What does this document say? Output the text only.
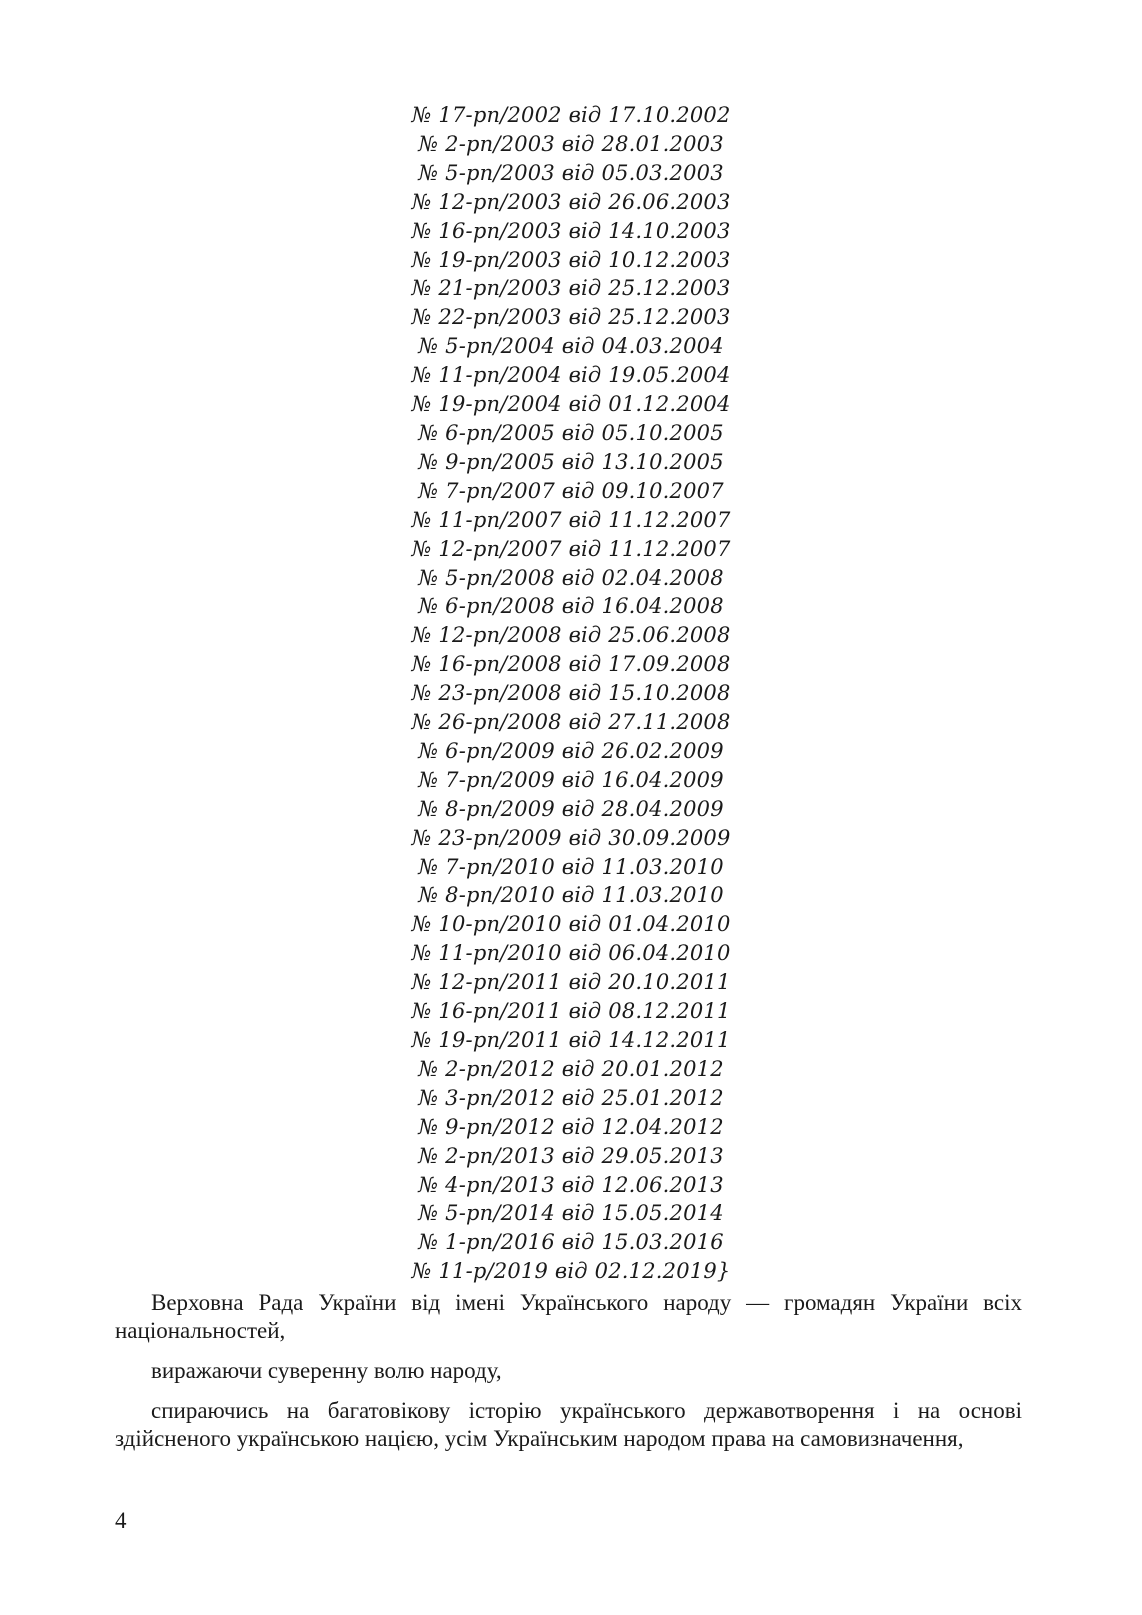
№ 17-рп/2002 від 17.10.2002
№ 2-рп/2003 від 28.01.2003
№ 5-рп/2003 від 05.03.2003
№ 12-рп/2003 від 26.06.2003
№ 16-рп/2003 від 14.10.2003
№ 19-рп/2003 від 10.12.2003
№ 21-рп/2003 від 25.12.2003
№ 22-рп/2003 від 25.12.2003
№ 5-рп/2004 від 04.03.2004
№ 11-рп/2004 від 19.05.2004
№ 19-рп/2004 від 01.12.2004
№ 6-рп/2005 від 05.10.2005
№ 9-рп/2005 від 13.10.2005
№ 7-рп/2007 від 09.10.2007
№ 11-рп/2007 від 11.12.2007
№ 12-рп/2007 від 11.12.2007
№ 5-рп/2008 від 02.04.2008
№ 6-рп/2008 від 16.04.2008
№ 12-рп/2008 від 25.06.2008
№ 16-рп/2008 від 17.09.2008
№ 23-рп/2008 від 15.10.2008
№ 26-рп/2008 від 27.11.2008
№ 6-рп/2009 від 26.02.2009
№ 7-рп/2009 від 16.04.2009
№ 8-рп/2009 від 28.04.2009
№ 23-рп/2009 від 30.09.2009
№ 7-рп/2010 від 11.03.2010
№ 8-рп/2010 від 11.03.2010
№ 10-рп/2010 від 01.04.2010
№ 11-рп/2010 від 06.04.2010
№ 12-рп/2011 від 20.10.2011
№ 16-рп/2011 від 08.12.2011
№ 19-рп/2011 від 14.12.2011
№ 2-рп/2012 від 20.01.2012
№ 3-рп/2012 від 25.01.2012
№ 9-рп/2012 від 12.04.2012
№ 2-рп/2013 від 29.05.2013
№ 4-рп/2013 від 12.06.2013
№ 5-рп/2014 від 15.05.2014
№ 1-рп/2016 від 15.03.2016
№ 11-р/2019 від 02.12.2019}

Верховна Рада України від імені Українського народу — громадян України всіх національностей,

виражаючи суверенну волю народу,

спираючись на багатовікову історію українського державотворення і на основі здійсненого українською нацією, усім Українським народом права на самовизначення,

4
